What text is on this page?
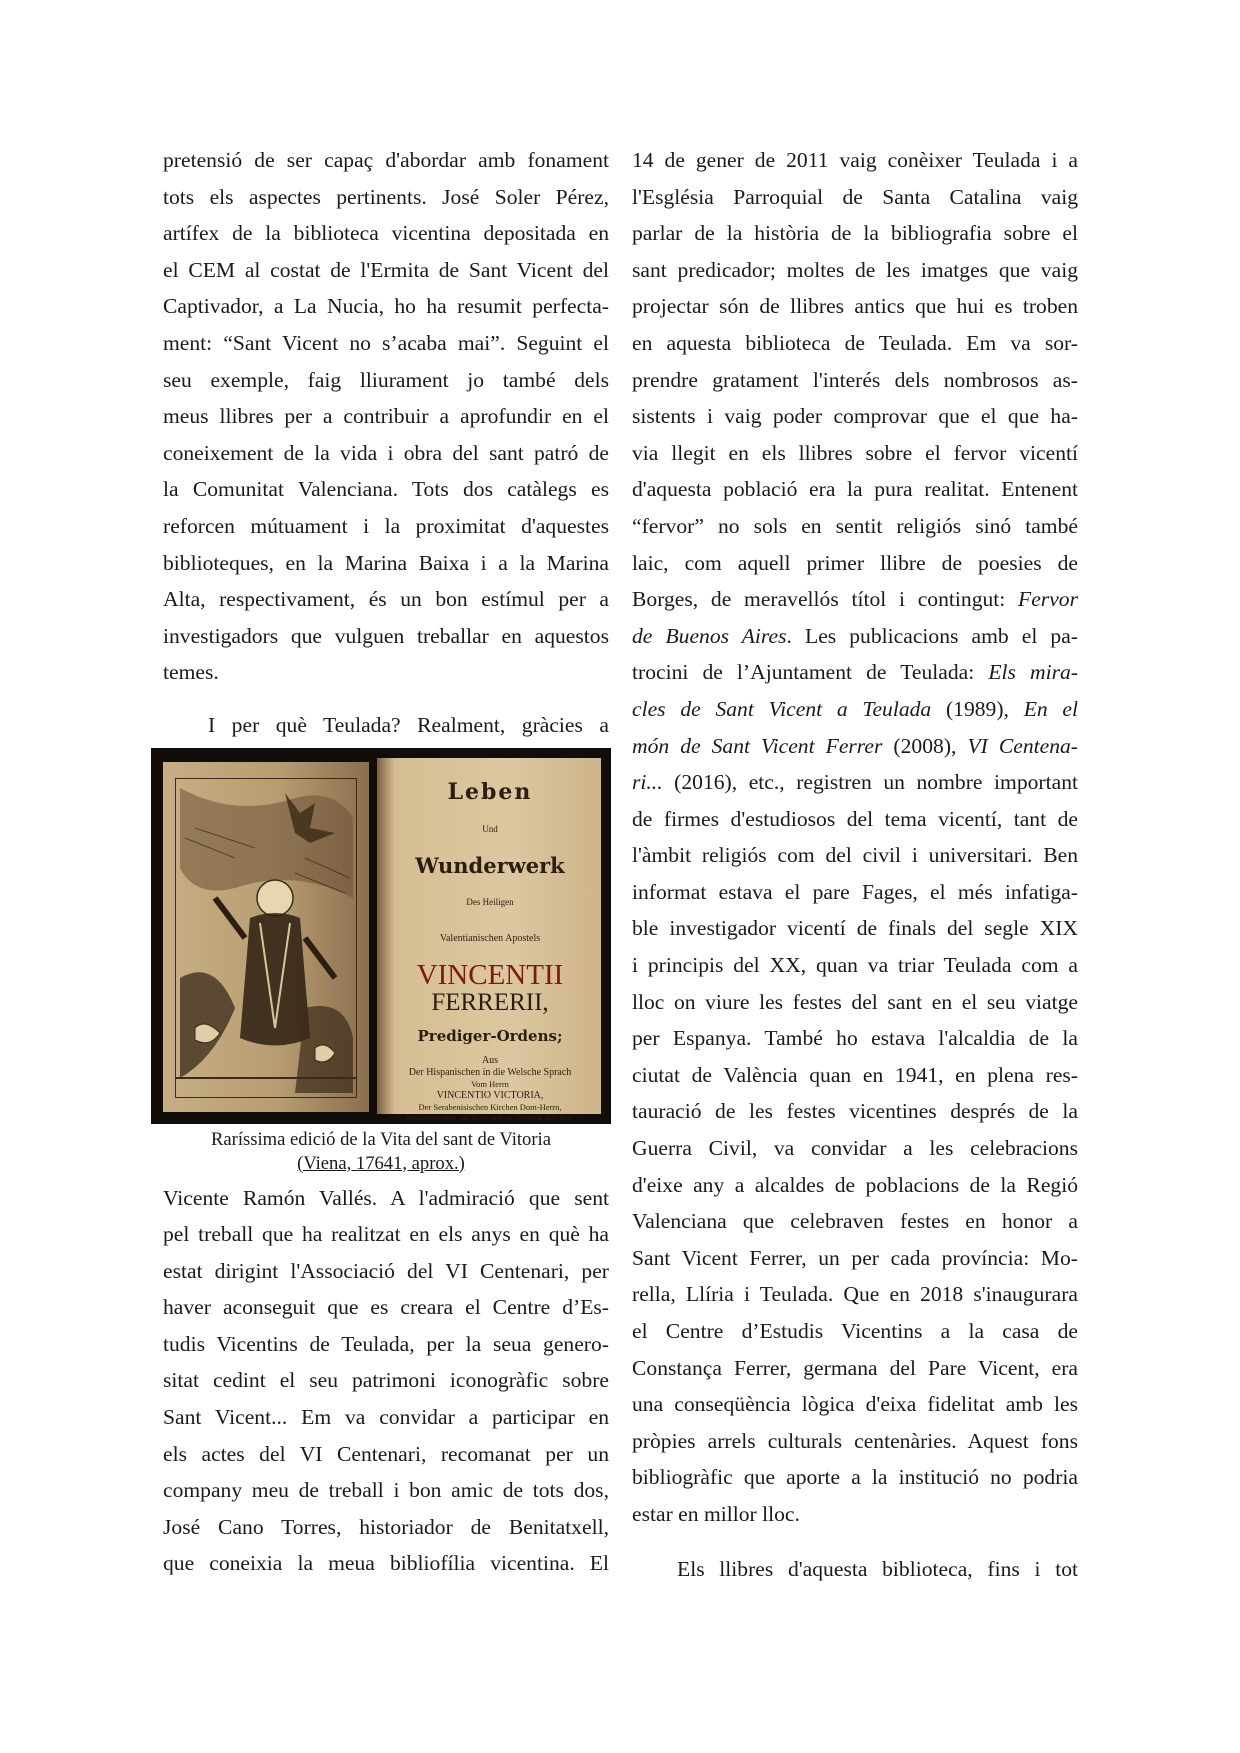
pretensió de ser capaç d'abordar amb fonament
tots els aspectes pertinents. José Soler Pérez,
artífex de la biblioteca vicentina depositada en
el CEM al costat de l'Ermita de Sant Vicent del
Captivador, a La Nucia, ho ha resumit perfecta-
ment: “Sant Vicent no s’acaba mai”. Seguint el
seu exemple, faig lliurament jo també dels
meus llibres per a contribuir a aprofundir en el
coneixement de la vida i obra del sant patró de
la Comunitat Valenciana. Tots dos catàlegs es
reforcen mútuament i la proximitat d'aquestes
biblioteques, en la Marina Baixa i a la Marina
Alta, respectivament, és un bon estímul per a
investigadors que vulguen treballar en aquestos
temes.

I per què Teulada? Realment, gràcies a

Leben
Und
Wunderwerk
Des Heiligen
Valentianischen Apostels
VINCENTII
FERRERII,
Prediger-Ordens;
Aus
Der Hispanischen in die Welsche Sprach
Vom Herrn
VINCENTIO VICTORIA,
Der Serabenisischen Kirchen Dom-Herrn,
herausgegeben, zu Rom und zu Venedig durchse-
Raríssima edició de la Vita del sant de Vitoria
(Viena, 17641, aprox.)

Vicente Ramón Vallés. A l'admiració que sent
pel treball que ha realitzat en els anys en què ha
estat dirigint l'Associació del VI Centenari, per
haver aconseguit que es creara el Centre d’Es-
tudis Vicentins de Teulada, per la seua genero-
sitat cedint el seu patrimoni iconogràfic sobre
Sant Vicent... Em va convidar a participar en
els actes del VI Centenari, recomanat per un
company meu de treball i bon amic de tots dos,
José Cano Torres, historiador de Benitatxell,
que coneixia la meua bibliofília vicentina. El

14 de gener de 2011 vaig conèixer Teulada i a
l'Església Parroquial de Santa Catalina vaig
parlar de la història de la bibliografia sobre el
sant predicador; moltes de les imatges que vaig
projectar són de llibres antics que hui es troben
en aquesta biblioteca de Teulada. Em va sor-
prendre gratament l'interés dels nombrosos as-
sistents i vaig poder comprovar que el que ha-
via llegit en els llibres sobre el fervor vicentí
d'aquesta població era la pura realitat. Entenent
“fervor” no sols en sentit religiós sinó també
laic, com aquell primer llibre de poesies de
Borges, de meravellós títol i contingut: Fervor
de Buenos Aires. Les publicacions amb el pa-
trocini de l’Ajuntament de Teulada: Els mira-
cles de Sant Vicent a Teulada (1989), En el
món de Sant Vicent Ferrer (2008), VI Centena-
ri... (2016), etc., registren un nombre important
de firmes d'estudiosos del tema vicentí, tant de
l'àmbit religiós com del civil i universitari. Ben
informat estava el pare Fages, el més infatiga-
ble investigador vicentí de finals del segle XIX
i principis del XX, quan va triar Teulada com a
lloc on viure les festes del sant en el seu viatge
per Espanya. També ho estava l'alcaldia de la
ciutat de València quan en 1941, en plena res-
tauració de les festes vicentines després de la
Guerra Civil, va convidar a les celebracions
d'eixe any a alcaldes de poblacions de la Regió
Valenciana que celebraven festes en honor a
Sant Vicent Ferrer, un per cada província: Mo-
rella, Llíria i Teulada. Que en 2018 s'inaugurara
el Centre d’Estudis Vicentins a la casa de
Constança Ferrer, germana del Pare Vicent, era
una conseqüència lògica d'eixa fidelitat amb les
pròpies arrels culturals centenàries. Aquest fons
bibliogràfic que aporte a la institució no podria
estar en millor lloc.

Els llibres d'aquesta biblioteca, fins i tot
